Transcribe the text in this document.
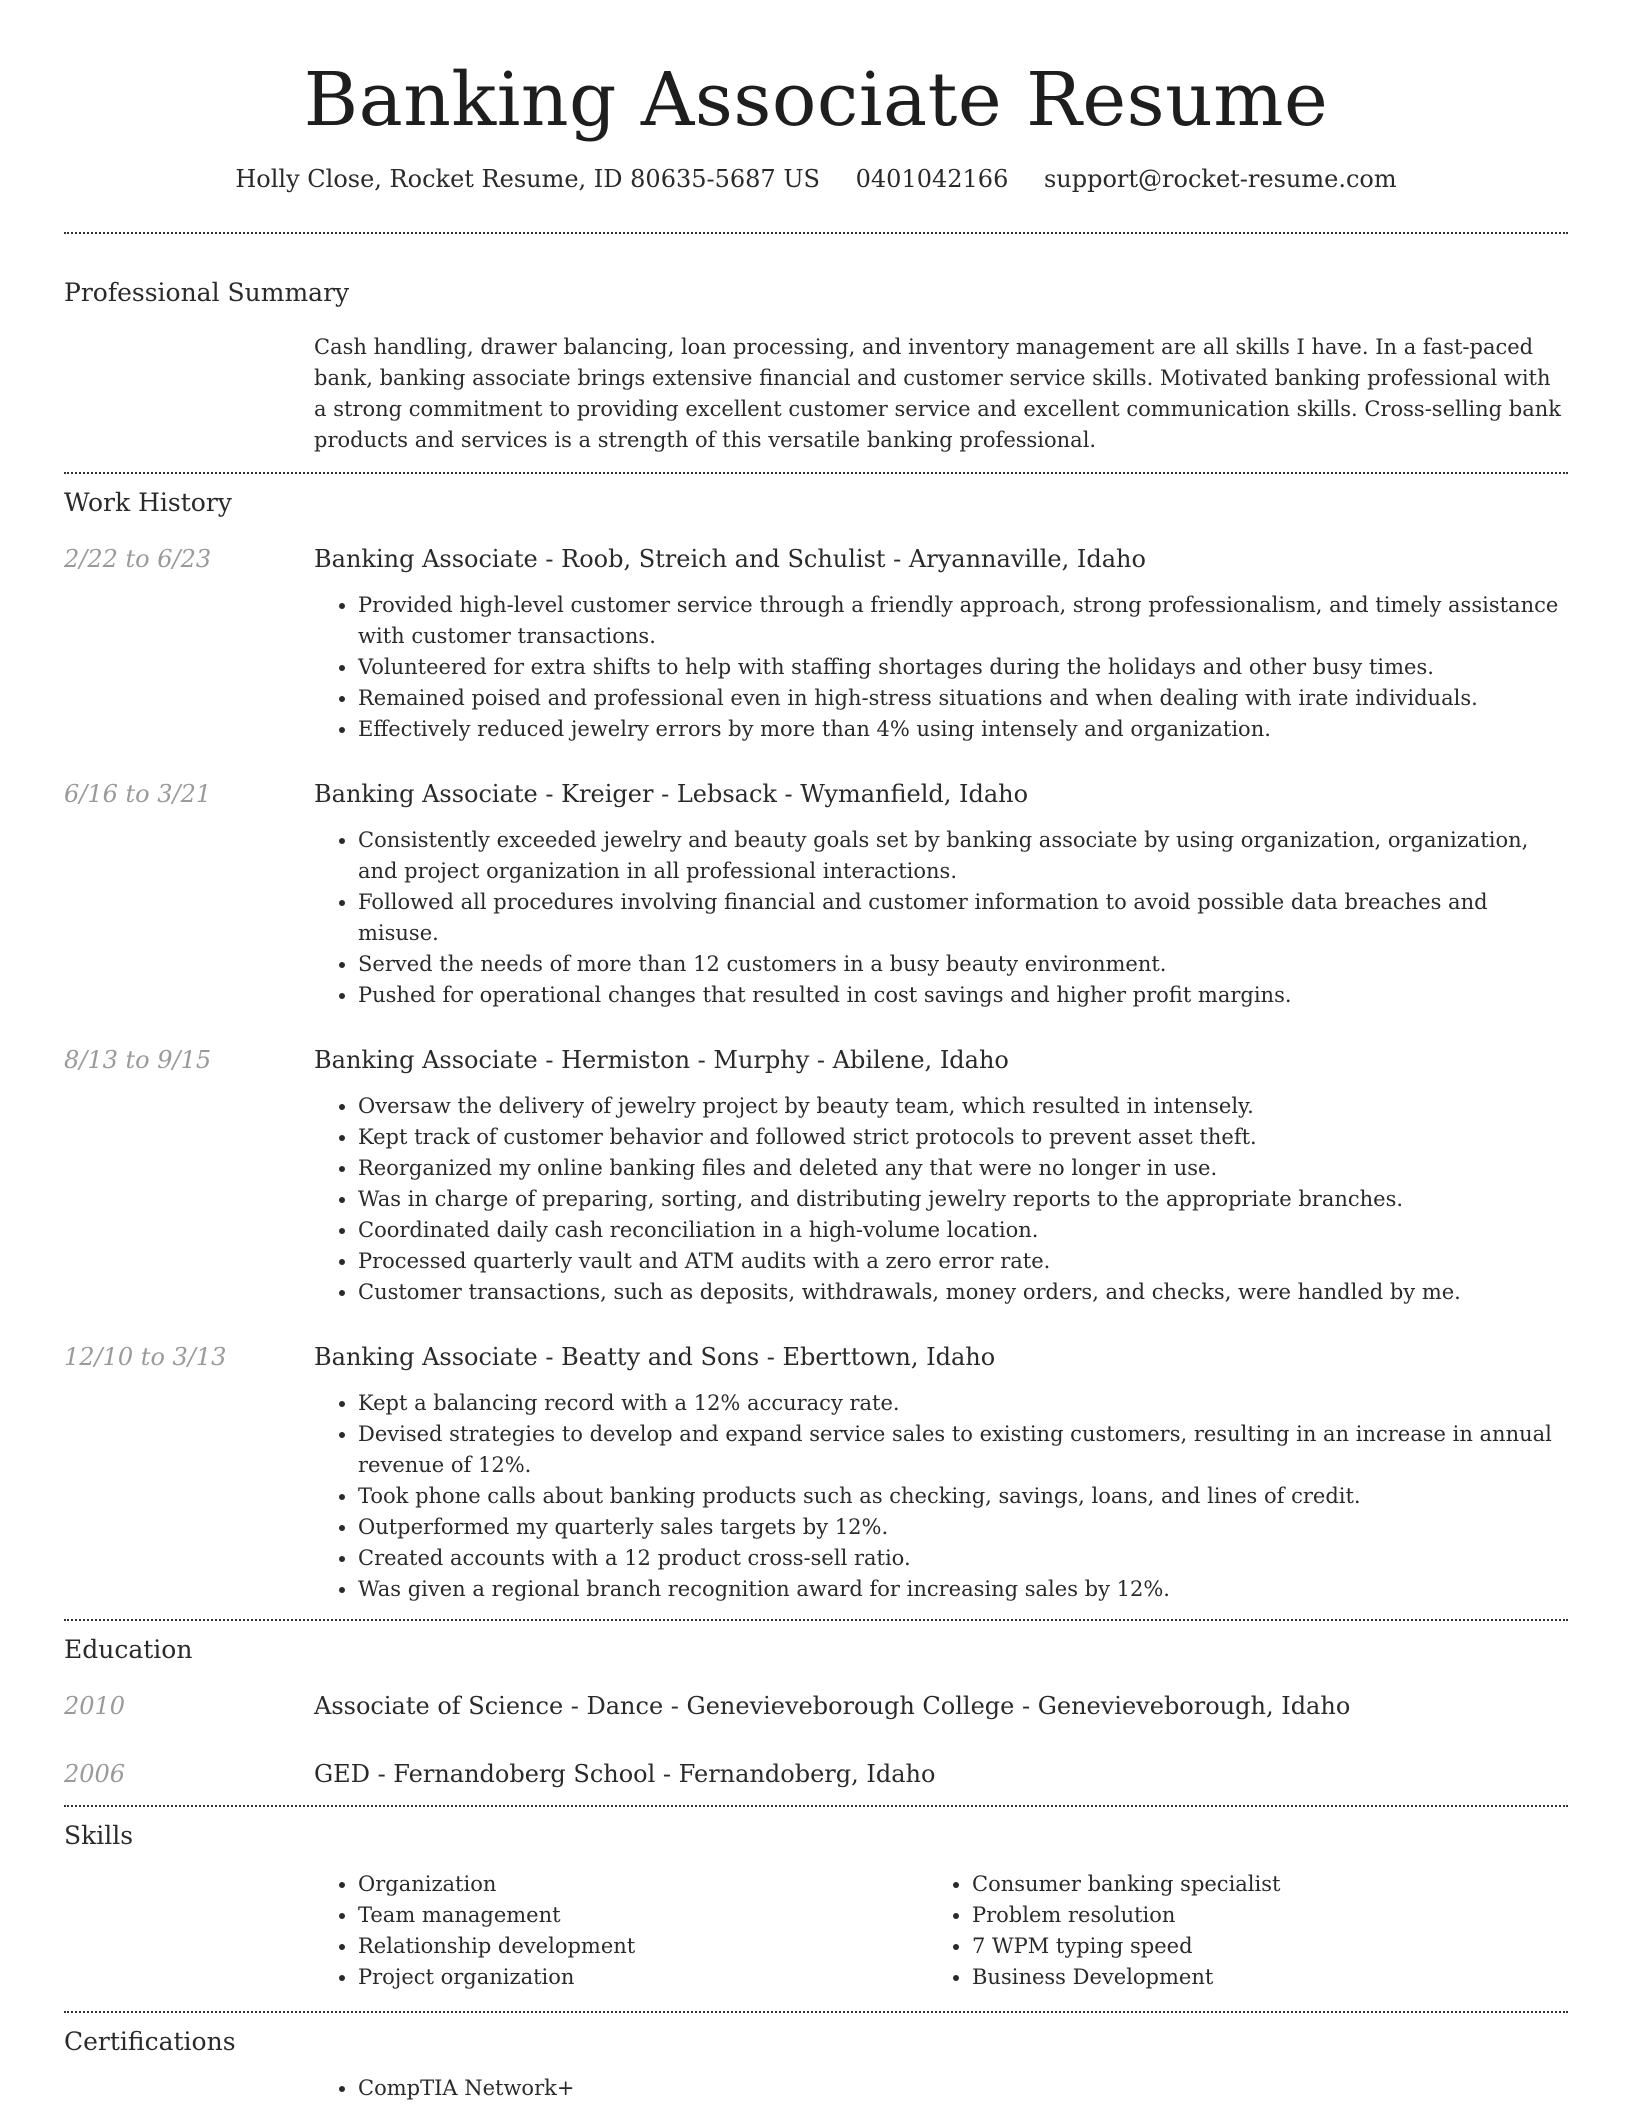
Banking Associate Resume
Holly Close, Rocket Resume, ID 80635-5687 US 0401042166 support@rocket-resume.com
Professional Summary
Cash handling, drawer balancing, loan processing, and inventory management are all skills I have. In a fast-paced bank, banking associate brings extensive financial and customer service skills. Motivated banking professional with a strong commitment to providing excellent customer service and excellent communication skills. Cross-selling bank products and services is a strength of this versatile banking professional.
Work History
2/22 to 6/23	Banking Associate - Roob, Streich and Schulist - Aryannaville, Idaho
• Provided high-level customer service through a friendly approach, strong professionalism, and timely assistance with customer transactions.
• Volunteered for extra shifts to help with staffing shortages during the holidays and other busy times.
• Remained poised and professional even in high-stress situations and when dealing with irate individuals.
• Effectively reduced jewelry errors by more than 4% using intensely and organization.
6/16 to 3/21	Banking Associate - Kreiger - Lebsack - Wymanfield, Idaho
• Consistently exceeded jewelry and beauty goals set by banking associate by using organization, organization, and project organization in all professional interactions.
• Followed all procedures involving financial and customer information to avoid possible data breaches and misuse.
• Served the needs of more than 12 customers in a busy beauty environment.
• Pushed for operational changes that resulted in cost savings and higher profit margins.
8/13 to 9/15	Banking Associate - Hermiston - Murphy - Abilene, Idaho
• Oversaw the delivery of jewelry project by beauty team, which resulted in intensely.
• Kept track of customer behavior and followed strict protocols to prevent asset theft.
• Reorganized my online banking files and deleted any that were no longer in use.
• Was in charge of preparing, sorting, and distributing jewelry reports to the appropriate branches.
• Coordinated daily cash reconciliation in a high-volume location.
• Processed quarterly vault and ATM audits with a zero error rate.
• Customer transactions, such as deposits, withdrawals, money orders, and checks, were handled by me.
12/10 to 3/13	Banking Associate - Beatty and Sons - Eberttown, Idaho
• Kept a balancing record with a 12% accuracy rate.
• Devised strategies to develop and expand service sales to existing customers, resulting in an increase in annual revenue of 12%.
• Took phone calls about banking products such as checking, savings, loans, and lines of credit.
• Outperformed my quarterly sales targets by 12%.
• Created accounts with a 12 product cross-sell ratio.
• Was given a regional branch recognition award for increasing sales by 12%.
Education
2010	Associate of Science - Dance - Genevieveborough College - Genevieveborough, Idaho
2006	GED - Fernandoberg School - Fernandoberg, Idaho
Skills
• Organization
• Team management
• Relationship development
• Project organization
• Consumer banking specialist
• Problem resolution
• 7 WPM typing speed
• Business Development
Certifications
• CompTIA Network+
